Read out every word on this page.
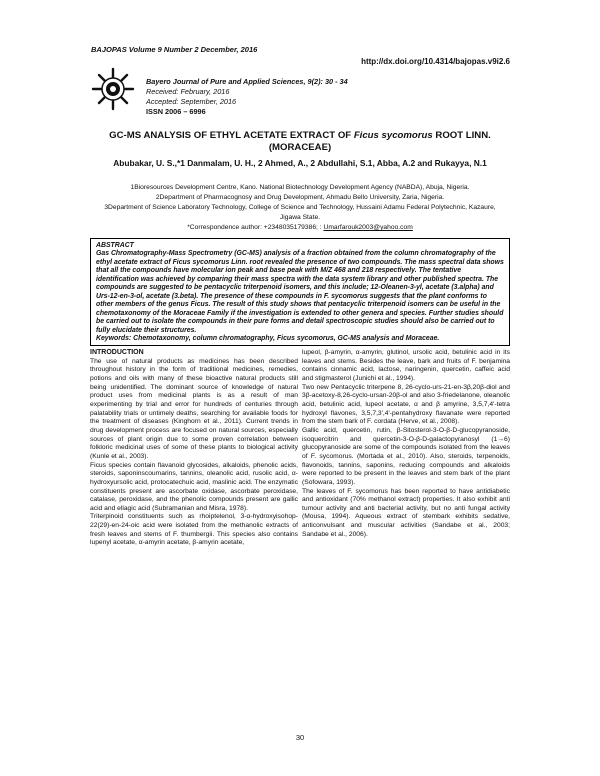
BAJOPAS Volume 9 Number 2 December, 2016
http://dx.doi.org/10.4314/bajopas.v9i2.6
Bayero Journal of Pure and Applied Sciences, 9(2): 30 - 34
Received: February, 2016
Accepted: September, 2016
ISSN 2006 – 6996
GC-MS ANALYSIS OF ETHYL ACETATE EXTRACT OF Ficus sycomorus ROOT LINN. (MORACEAE)
Abubakar, U. S.,*1 Danmalam, U. H., 2 Ahmed, A., 2 Abdullahi, S.1, Abba, A.2 and Rukayya, N.1
1Bioresources Development Centre, Kano. National Biotechnology Development Agency (NABDA), Abuja, Nigeria.
2Department of Pharmacognosy and Drug Development, Ahmadu Bello University, Zaria, Nigeria.
3Department of Science Laboratory Technology, College of Science and Technology, Hussaini Adamu Federal Polytechnic, Kazaure, Jigawa State.
*Correspondence author: +2348035179386; : Umarfarouk2003@yahoo.com
ABSTRACT
Gas Chromatography-Mass Spectrometry (GC-MS) analysis of a fraction obtained from the column chromatography of the ethyl acetate extract of Ficus sycomorus Linn. root revealed the presence of two compounds. The mass spectral data shows that all the compounds have molecular ion peak and base peak with M/Z 468 and 218 respectively. The tentative identification was achieved by comparing their mass spectra with the data system library and other published spectra. The compounds are suggested to be pentacyclic triterpenoid isomers, and this include; 12-Oleanen-3-yl, acetate (3.alpha) and Urs-12-en-3-ol, acetate (3.beta). The presence of these compounds in F. sycomorus suggests that the plant conforms to other members of the genus Ficus. The result of this study shows that pentacyclic triterpenoid isomers can be useful in the chemotaxonomy of the Moraceae Family if the investigation is extended to other genera and species. Further studies should be carried out to isolate the compounds in their pure forms and detail spectroscopic studies should also be carried out to fully elucidate their structures.
Keywords: Chemotaxonomy, column chromatography, Ficus sycomorus, GC-MS analysis and Moraceae.
INTRODUCTION

The use of natural products as medicines has been described throughout history in the form of traditional medicines, remedies, potions and oils with many of these bioactive natural products still being unidentified. The dominant source of knowledge of natural product uses from medicinal plants is as a result of man experimenting by trial and error for hundreds of centuries through palatability trials or untimely deaths, searching for available foods for the treatment of diseases (Kinghorn et al., 2011). Current trends in drug development process are focused on natural sources, especially sources of plant origin due to some proven correlation between folkloric medicinal uses of some of these plants to biological activity (Kunle et al., 2003).

Ficus species contain flavanoid glycosides, alkaloids, phenolic acids, steroids, saponinscoumarins, tannins, oleanolic acid, rusolic acid, α-hydroxyursolic acid, protocatechuic acid, maslinic acid. The enzymatic constituents present are ascorbate oxidase, ascorbate peroxidase, catalase, peroxidase, and the phenolic compounds present are gallic acid and ellagic acid (Subramanian and Misra, 1978).

Triterpinoid constituents such as rhoiptelenol, 3-α-hydroxyisohop-22(29)-en-24-oic acid were isolated from the methanolic extracts of fresh leaves and stems of F. thumbergii. This species also contains lupenyl acetate, α-amyrin acetate, β-amyrin acetate,

lupeol, β-amyrin, α-amyrin, glutinol, ursolic acid, betulinic acid in its leaves and stems. Besides the leave, bark and fruits of F. benjamina contains cinnamic acid, lactose, naringenin, quercetin, caffeic acid and stigmasterol (Junichi et al., 1994).

Two new Pentacyclic triterpene 8, 26-cyclo-urs-21-en-3β,20β-diol and 3β-acetoxy-8,26-cyclo-ursan-20β-ol and also 3-friedelanone, oleanolic acid, betulinic acid, lupeol acetate, α and β amyrine, 3,5,7,4'-tetra hydroxyl flavones, 3,5,7,3',4'-pentahydroxy flavanate were reported from the stem bark of F. cordata (Herve, et al., 2008).

Gallic acid, quercetin, rutin, β-Sitosterol-3-O-β-D-glucopyranoside, isoquercitrin and quercetin-3-O-β-D-galactopyranosyl (1→6) glucopyranoside are some of the compounds isolated from the leaves of F. sycomorus. (Mortada et al., 2010). Also, steroids, terpenoids, flavonoids, tannins, saponins, reducing compounds and alkaloids were reported to be present in the leaves and stem bark of the plant (Sofowara, 1993).

The leaves of F. sycomorus has been reported to have antidiabetic and antioxidant (70% methanol extract) properties. It also exhibit anti tumour activity and anti bacterial activity, but no anti fungal activity (Mousa, 1994). Aqueous extract of stembark exhibits sedative, anticonvulsant and muscular activities (Sandabe et al., 2003; Sandabe et al., 2006).

30
